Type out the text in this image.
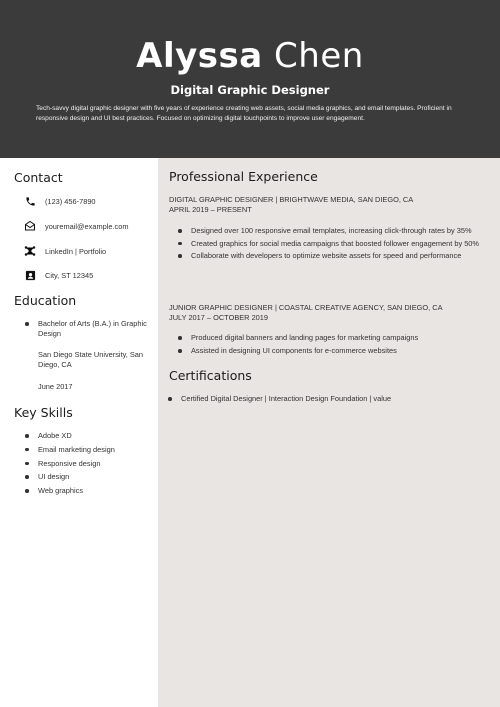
Alyssa Chen
Digital Graphic Designer
Tech-savvy digital graphic designer with five years of experience creating web assets, social media graphics, and email templates. Proficient in responsive design and UI best practices. Focused on optimizing digital touchpoints to improve user engagement.
Contact
(123) 456-7890
youremail@example.com
LinkedIn | Portfolio
City, ST 12345
Education
Bachelor of Arts (B.A.) in Graphic Design
San Diego State University, San Diego, CA
June 2017
Key Skills
Adobe XD
Email marketing design
Responsive design
UI design
Web graphics
Professional Experience
DIGITAL GRAPHIC DESIGNER | BRIGHTWAVE MEDIA, SAN DIEGO, CA
APRIL 2019 – PRESENT
Designed over 100 responsive email templates, increasing click-through rates by 35%
Created graphics for social media campaigns that boosted follower engagement by 50%
Collaborate with developers to optimize website assets for speed and performance
JUNIOR GRAPHIC DESIGNER | COASTAL CREATIVE AGENCY, SAN DIEGO, CA
JULY 2017 – OCTOBER 2019
Produced digital banners and landing pages for marketing campaigns
Assisted in designing UI components for e-commerce websites
Certifications
Certified Digital Designer | Interaction Design Foundation | value
